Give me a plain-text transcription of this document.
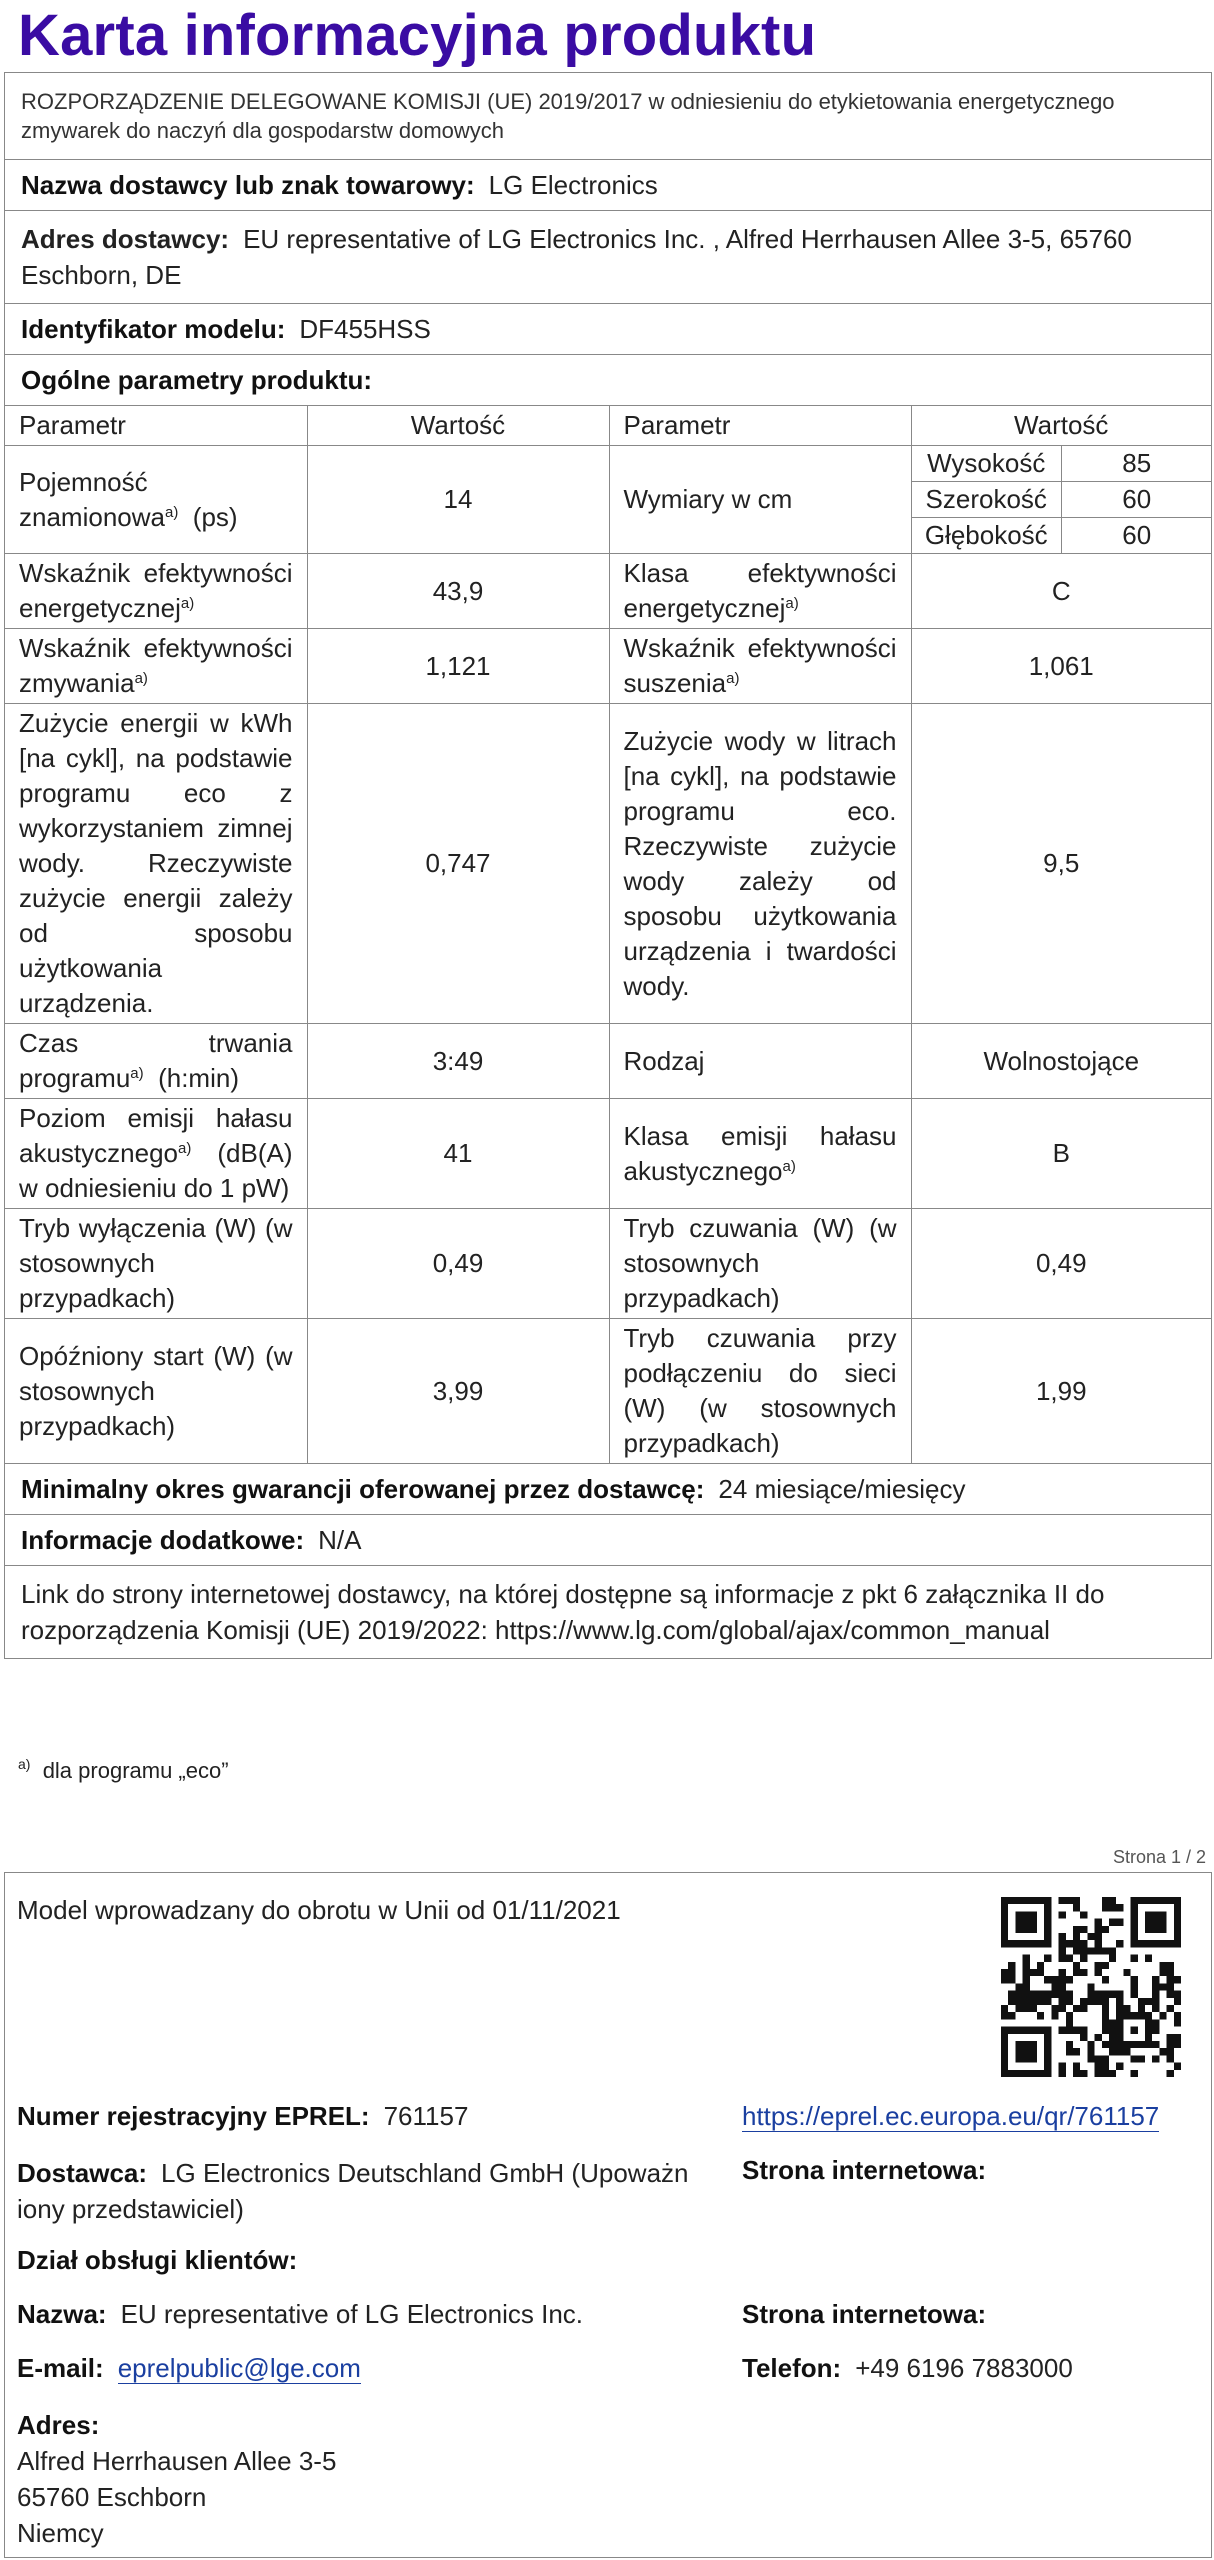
Karta informacyjna produktu
ROZPORZĄDZENIE DELEGOWANE KOMISJI (UE) 2019/2017 w odniesieniu do etykietowania energetycznego zmywarek do naczyń dla gospodarstw domowych
Nazwa dostawcy lub znak towarowy: LG Electronics
Adres dostawcy: EU representative of LG Electronics Inc. , Alfred Herrhausen Allee 3-5, 65760 Eschborn, DE
Identyfikator modelu: DF455HSS
Ogólne parametry produktu:
Parametr	Wartość	Parametr	Wartość
Pojemność znamionowa$^{a)}$ (ps)	14	Wymiary w cm	
Wysokość	85
Szerokość	60
Głębokość	60

Wskaźnik efektywności energetycznej$^{a)}$	43,9	Klasa efektywności energetycznej$^{a)}$	C
Wskaźnik efektywności zmywania$^{a)}$	1,121	Wskaźnik efektywności suszenia$^{a)}$	1,061
Zużycie energii w kWh [na cykl], na podstawie programu eco z wykorzystaniem zimnej wody. Rzeczywiste zużycie energii zależy od sposobu użytkowania urządzenia.	0,747	Zużycie wody w litrach [na cykl], na podstawie programu eco. Rzeczywiste zużycie wody zależy od sposobu użytkowania urządzenia i twardości wody.	9,5
Czas trwania programu$^{a)}$ (h:min)	3:49	Rodzaj	Wolnostojące
Poziom emisji hałasu akustycznego$^{a)}$ (dB(A) w odniesieniu do 1 pW)	41	Klasa emisji hałasu akustycznego$^{a)}$	B
Tryb wyłączenia (W) (w stosownych przypadkach)	0,49	Tryb czuwania (W) (w stosownych przypadkach)	0,49
Opóźniony start (W) (w stosownych przypadkach)	3,99	Tryb czuwania przy podłączeniu do sieci (W) (w stosownych przypadkach)	1,99
Minimalny okres gwarancji oferowanej przez dostawcę: 24 miesiące/miesięcy
Informacje dodatkowe: N/A
Link do strony internetowej dostawcy, na której dostępne są informacje z pkt 6 załącznika II do rozporządzenia Komisji (UE) 2019/2022: https://www.lg.com/global/ajax/common_manual
$^{a)}$ dla programu „eco”
Strona 1 / 2
Model wprowadzany do obrotu w Unii od 01/11/2021
Numer rejestracyjny EPREL: 761157	https://eprel.ec.europa.eu/qr/761157
Dostawca: LG Electronics Deutschland GmbH (Upoważn
iony przedstawiciel)
Strona internetowa:
Dział obsługi klientów:
Nazwa: EU representative of LG Electronics Inc.	Strona internetowa:
E-mail: eprelpublic@lge.com	Telefon: +49 6196 7883000
Adres:
Alfred Herrhausen Allee 3-5
65760 Eschborn
Niemcy
